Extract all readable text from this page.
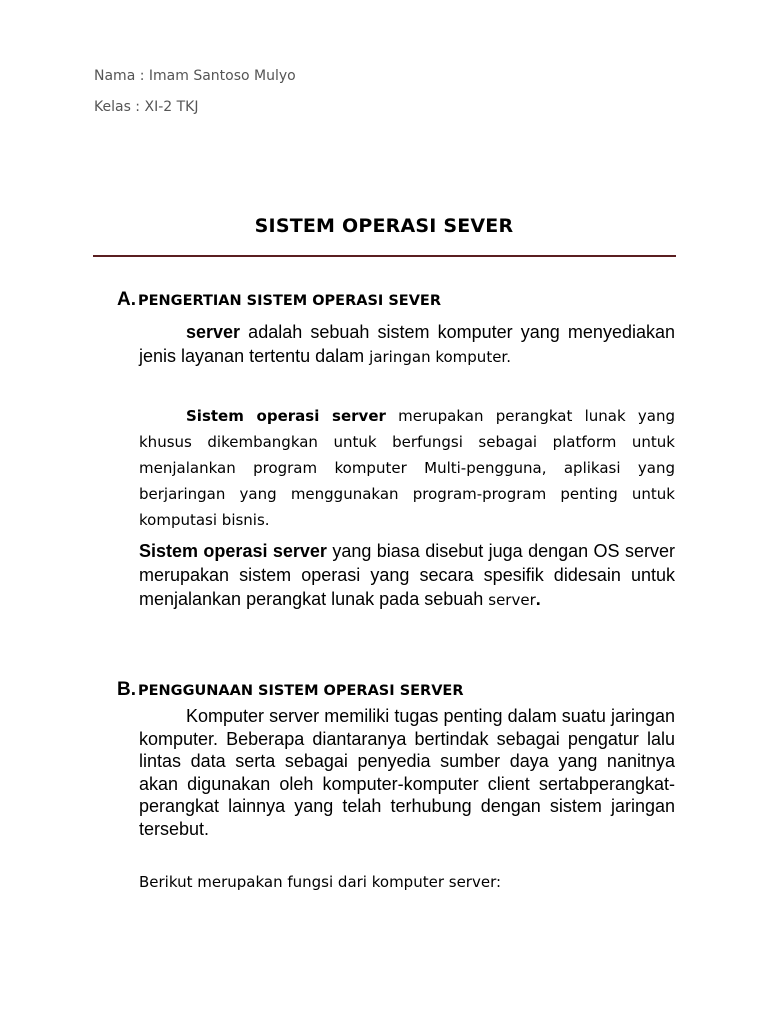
Nama : Imam Santoso Mulyo
Kelas : XI-2 TKJ
SISTEM OPERASI SEVER
A. PENGERTIAN SISTEM OPERASI SEVER

server adalah sebuah sistem komputer yang menyediakan jenis layanan tertentu dalam jaringan komputer.

Sistem operasi server merupakan perangkat lunak yang khusus dikembangkan untuk berfungsi sebagai platform untuk menjalankan program komputer Multi-pengguna, aplikasi yang berjaringan yang menggunakan program-program penting untuk komputasi bisnis.

Sistem operasi server yang biasa disebut juga dengan OS server merupakan sistem operasi yang secara spesifik didesain untuk menjalankan perangkat lunak pada sebuah server.

B. PENGGUNAAN SISTEM OPERASI SERVER

Komputer server memiliki tugas penting dalam suatu jaringan komputer. Beberapa diantaranya bertindak sebagai pengatur lalu lintas data serta sebagai penyedia sumber daya yang nanitnya akan digunakan oleh komputer-komputer client sertabperangkat-perangkat lainnya yang telah terhubung dengan sistem jaringan tersebut.

Berikut merupakan fungsi dari komputer server:
